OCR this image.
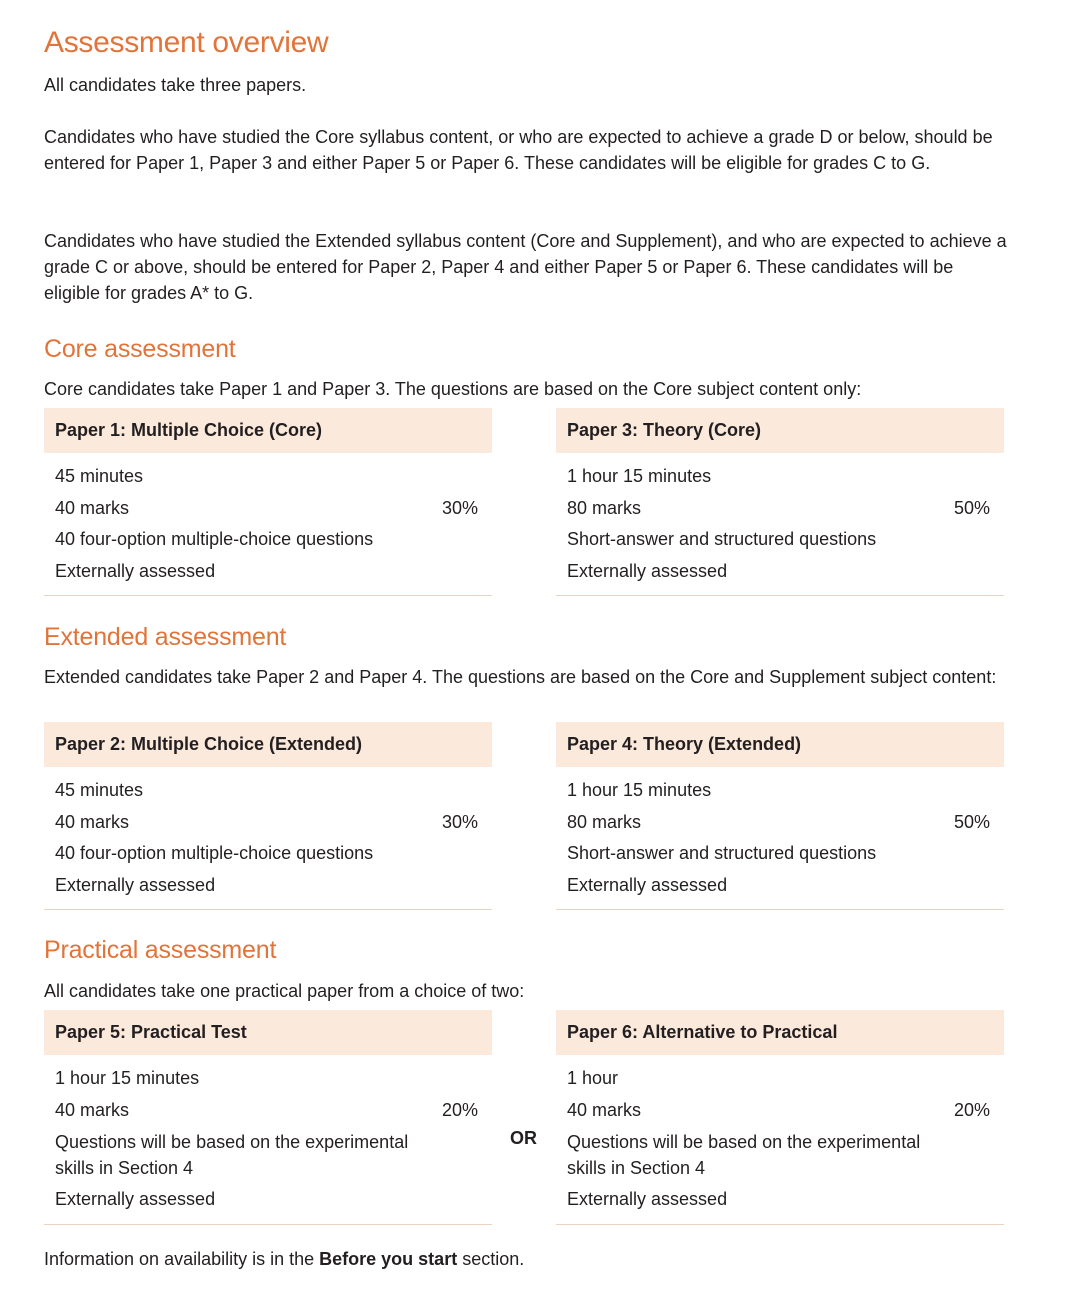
Assessment overview

All candidates take three papers.

Candidates who have studied the Core syllabus content, or who are expected to achieve a grade D or below, should be entered for Paper 1, Paper 3 and either Paper 5 or Paper 6. These candidates will be eligible for grades C to G.

Candidates who have studied the Extended syllabus content (Core and Supplement), and who are expected to achieve a grade C or above, should be entered for Paper 2, Paper 4 and either Paper 5 or Paper 6. These candidates will be eligible for grades A* to G.

Core assessment

Core candidates take Paper 1 and Paper 3. The questions are based on the Core subject content only:

Paper 1: Multiple Choice (Core)
45 minutes
40 marks	30%
40 four-option multiple-choice questions
Externally assessed
Paper 3: Theory (Core)
1 hour 15 minutes
80 marks	50%
Short-answer and structured questions
Externally assessed
Extended assessment

Extended candidates take Paper 2 and Paper 4. The questions are based on the Core and Supplement subject content:

Paper 2: Multiple Choice (Extended)
45 minutes
40 marks	30%
40 four-option multiple-choice questions
Externally assessed
Paper 4: Theory (Extended)
1 hour 15 minutes
80 marks	50%
Short-answer and structured questions
Externally assessed
Practical assessment

All candidates take one practical paper from a choice of two:

Paper 5: Practical Test
1 hour 15 minutes
40 marks	20%
Questions will be based on the experimental
skills in Section 4
Externally assessed
OR
Paper 6: Alternative to Practical
1 hour
40 marks	20%
Questions will be based on the experimental
skills in Section 4
Externally assessed

Information on availability is in the Before you start section.
